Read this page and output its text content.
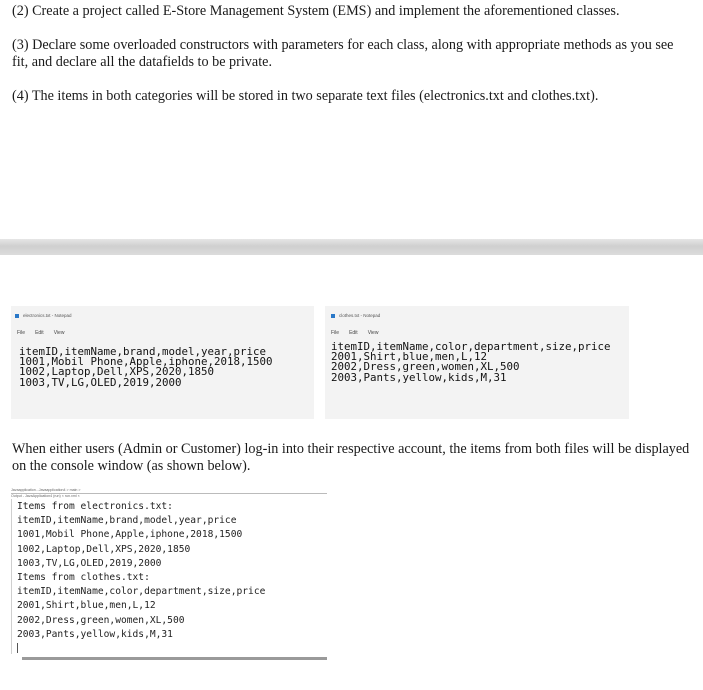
(2) Create a project called E-Store Management System (EMS) and implement the aforementioned classes.

(3) Declare some overloaded constructors with parameters for each class, along with appropriate methods as you see fit, and declare all the datafields to be private.

(4) The items in both categories will be stored in two separate text files (electronics.txt and clothes.txt).

electronics.txt - Notepad
File Edit View
itemID,itemName,brand,model,year,price
1001,Mobil Phone,Apple,iphone,2018,1500
1002,Laptop,Dell,XPS,2020,1850
1003,TV,LG,OLED,2019,2000
clothes.txt - Notepad
File Edit View
itemID,itemName,color,department,size,price
2001,Shirt,blue,men,L,12
2002,Dress,green,women,XL,500
2003,Pants,yellow,kids,M,31

When either users (Admin or Customer) log-in into their respective account, the items from both files will be displayed on the console window (as shown below).

Javaapplication...Javaapplication4 > main >
Output - JavaApplication4 (run) × run.xml ×
Items from electronics.txt:
itemID,itemName,brand,model,year,price
1001,Mobil Phone,Apple,iphone,2018,1500
1002,Laptop,Dell,XPS,2020,1850
1003,TV,LG,OLED,2019,2000
Items from clothes.txt:
itemID,itemName,color,department,size,price
2001,Shirt,blue,men,L,12
2002,Dress,green,women,XL,500
2003,Pants,yellow,kids,M,31
